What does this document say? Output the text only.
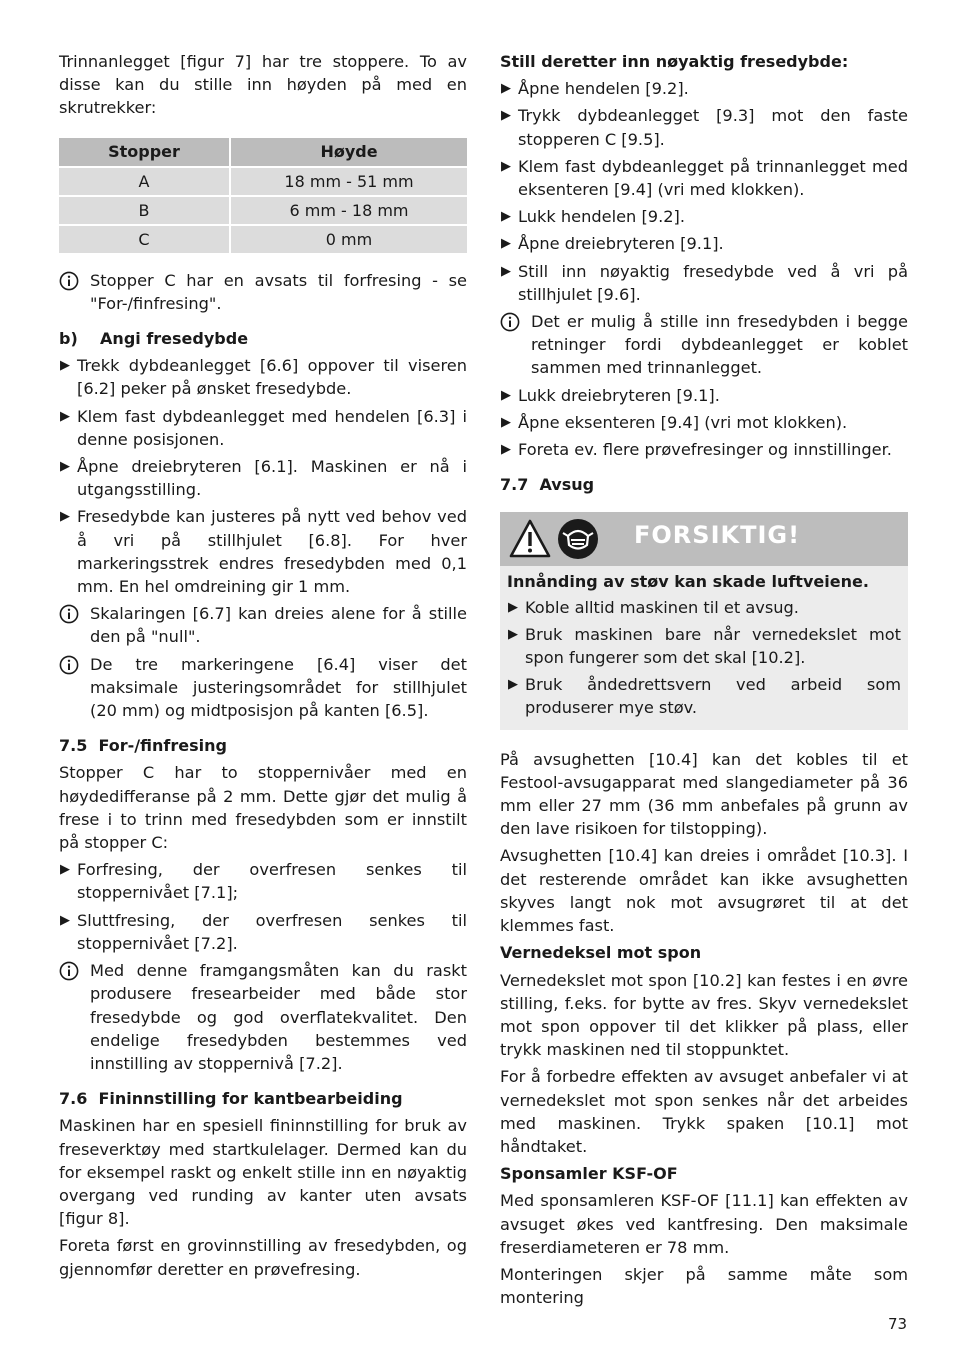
Trinnanlegget [figur 7] har tre stoppere. To av disse kan du stille inn høyden på med en skrutrekker:

Stopper	Høyde
A	18 mm - 51 mm
B	6 mm - 18 mm
C	0 mm
Stopper C har en avsats til forfresing - se "For-/finfresing".
b)    Angi fresedybde
▶ Trekk dybdeanlegget [6.6] oppover til viseren [6.2] peker på ønsket fresedybde.
▶ Klem fast dybdeanlegget med hendelen [6.3] i denne posisjonen.
▶ Åpne dreiebryteren [6.1]. Maskinen er nå i utgangsstilling.
▶ Fresedybde kan justeres på nytt ved behov ved å vri på stillhjulet [6.8]. For hver markeringsstrek endres fresedybden med 0,1 mm. En hel omdreining gir 1 mm.
Skalaringen [6.7] kan dreies alene for å stille den på "null".
De tre markeringene [6.4] viser det maksimale justeringsområdet for stillhjulet (20 mm) og midtposisjon på kanten [6.5].
7.5  For-/finfresing

Stopper C har to stoppernivåer med en høydedifferanse på 2 mm. Dette gjør det mulig å frese i to trinn med fresedybden som er innstilt på stopper C:

▶ Forfresing, der overfresen senkes til stoppernivået [7.1];
▶ Sluttfresing, der overfresen senkes til stoppernivået [7.2].
Med denne framgangsmåten kan du raskt produsere fresearbeider med både stor fresedybde og god overflatekvalitet. Den endelige fresedybden bestemmes ved innstilling av stoppernivå [7.2].
7.6  Fininnstilling for kantbearbeiding

Maskinen har en spesiell fininnstilling for bruk av freseverktøy med startkulelager. Dermed kan du for eksempel raskt og enkelt stille inn en nøyaktig overgang ved runding av kanter uten avsats [figur 8].

Foreta først en grovinnstilling av fresedybden, og gjennomfør deretter en prøvefresing.

Still deretter inn nøyaktig fresedybde:
▶ Åpne hendelen [9.2].
▶ Trykk dybdeanlegget [9.3] mot den faste stopperen C [9.5].
▶ Klem fast dybdeanlegget på trinnanlegget med eksenteren [9.4] (vri med klokken).
▶ Lukk hendelen [9.2].
▶ Åpne dreiebryteren [9.1].
▶ Still inn nøyaktig fresedybde ved å vri på stillhjulet [9.6].
Det er mulig å stille inn fresedybden i begge retninger fordi dybdeanlegget er koblet sammen med trinnanlegget.
▶ Lukk dreiebryteren [9.1].
▶ Åpne eksenteren [9.4] (vri mot klokken).
▶ Foreta ev. flere prøvefresinger og innstillinger.
7.7  Avsug
FORSIKTIG!
Innånding av støv kan skade luftveiene.
▶ Koble alltid maskinen til et avsug.
▶ Bruk maskinen bare når vernedekslet mot spon fungerer som det skal [10.2].
▶ Bruk åndedrettsvern ved arbeid som produserer mye støv.

På avsughetten [10.4] kan det kobles til et Festool-avsugapparat med slangediameter på 36 mm eller 27 mm (36 mm anbefales på grunn av den lave risikoen for tilstopping).

Avsughetten [10.4] kan dreies i området [10.3]. I det resterende området kan ikke avsughetten skyves langt nok mot avsugrøret til at det klemmes fast.

Vernedeksel mot spon

Vernedekslet mot spon [10.2] kan festes i en øvre stilling, f.eks. for bytte av fres. Skyv vernedekslet mot spon oppover til det klikker på plass, eller trykk maskinen ned til stoppunktet.

For å forbedre effekten av avsuget anbefaler vi at vernedekslet mot spon senkes når det arbeides med maskinen. Trykk spaken [10.1] mot håndtaket.

Sponsamler KSF-OF

Med sponsamleren KSF-OF [11.1] kan effekten av avsuget økes ved kantfresing. Den maksimale freserdiameteren er 78 mm.

Monteringen skjer på samme måte som montering

73
